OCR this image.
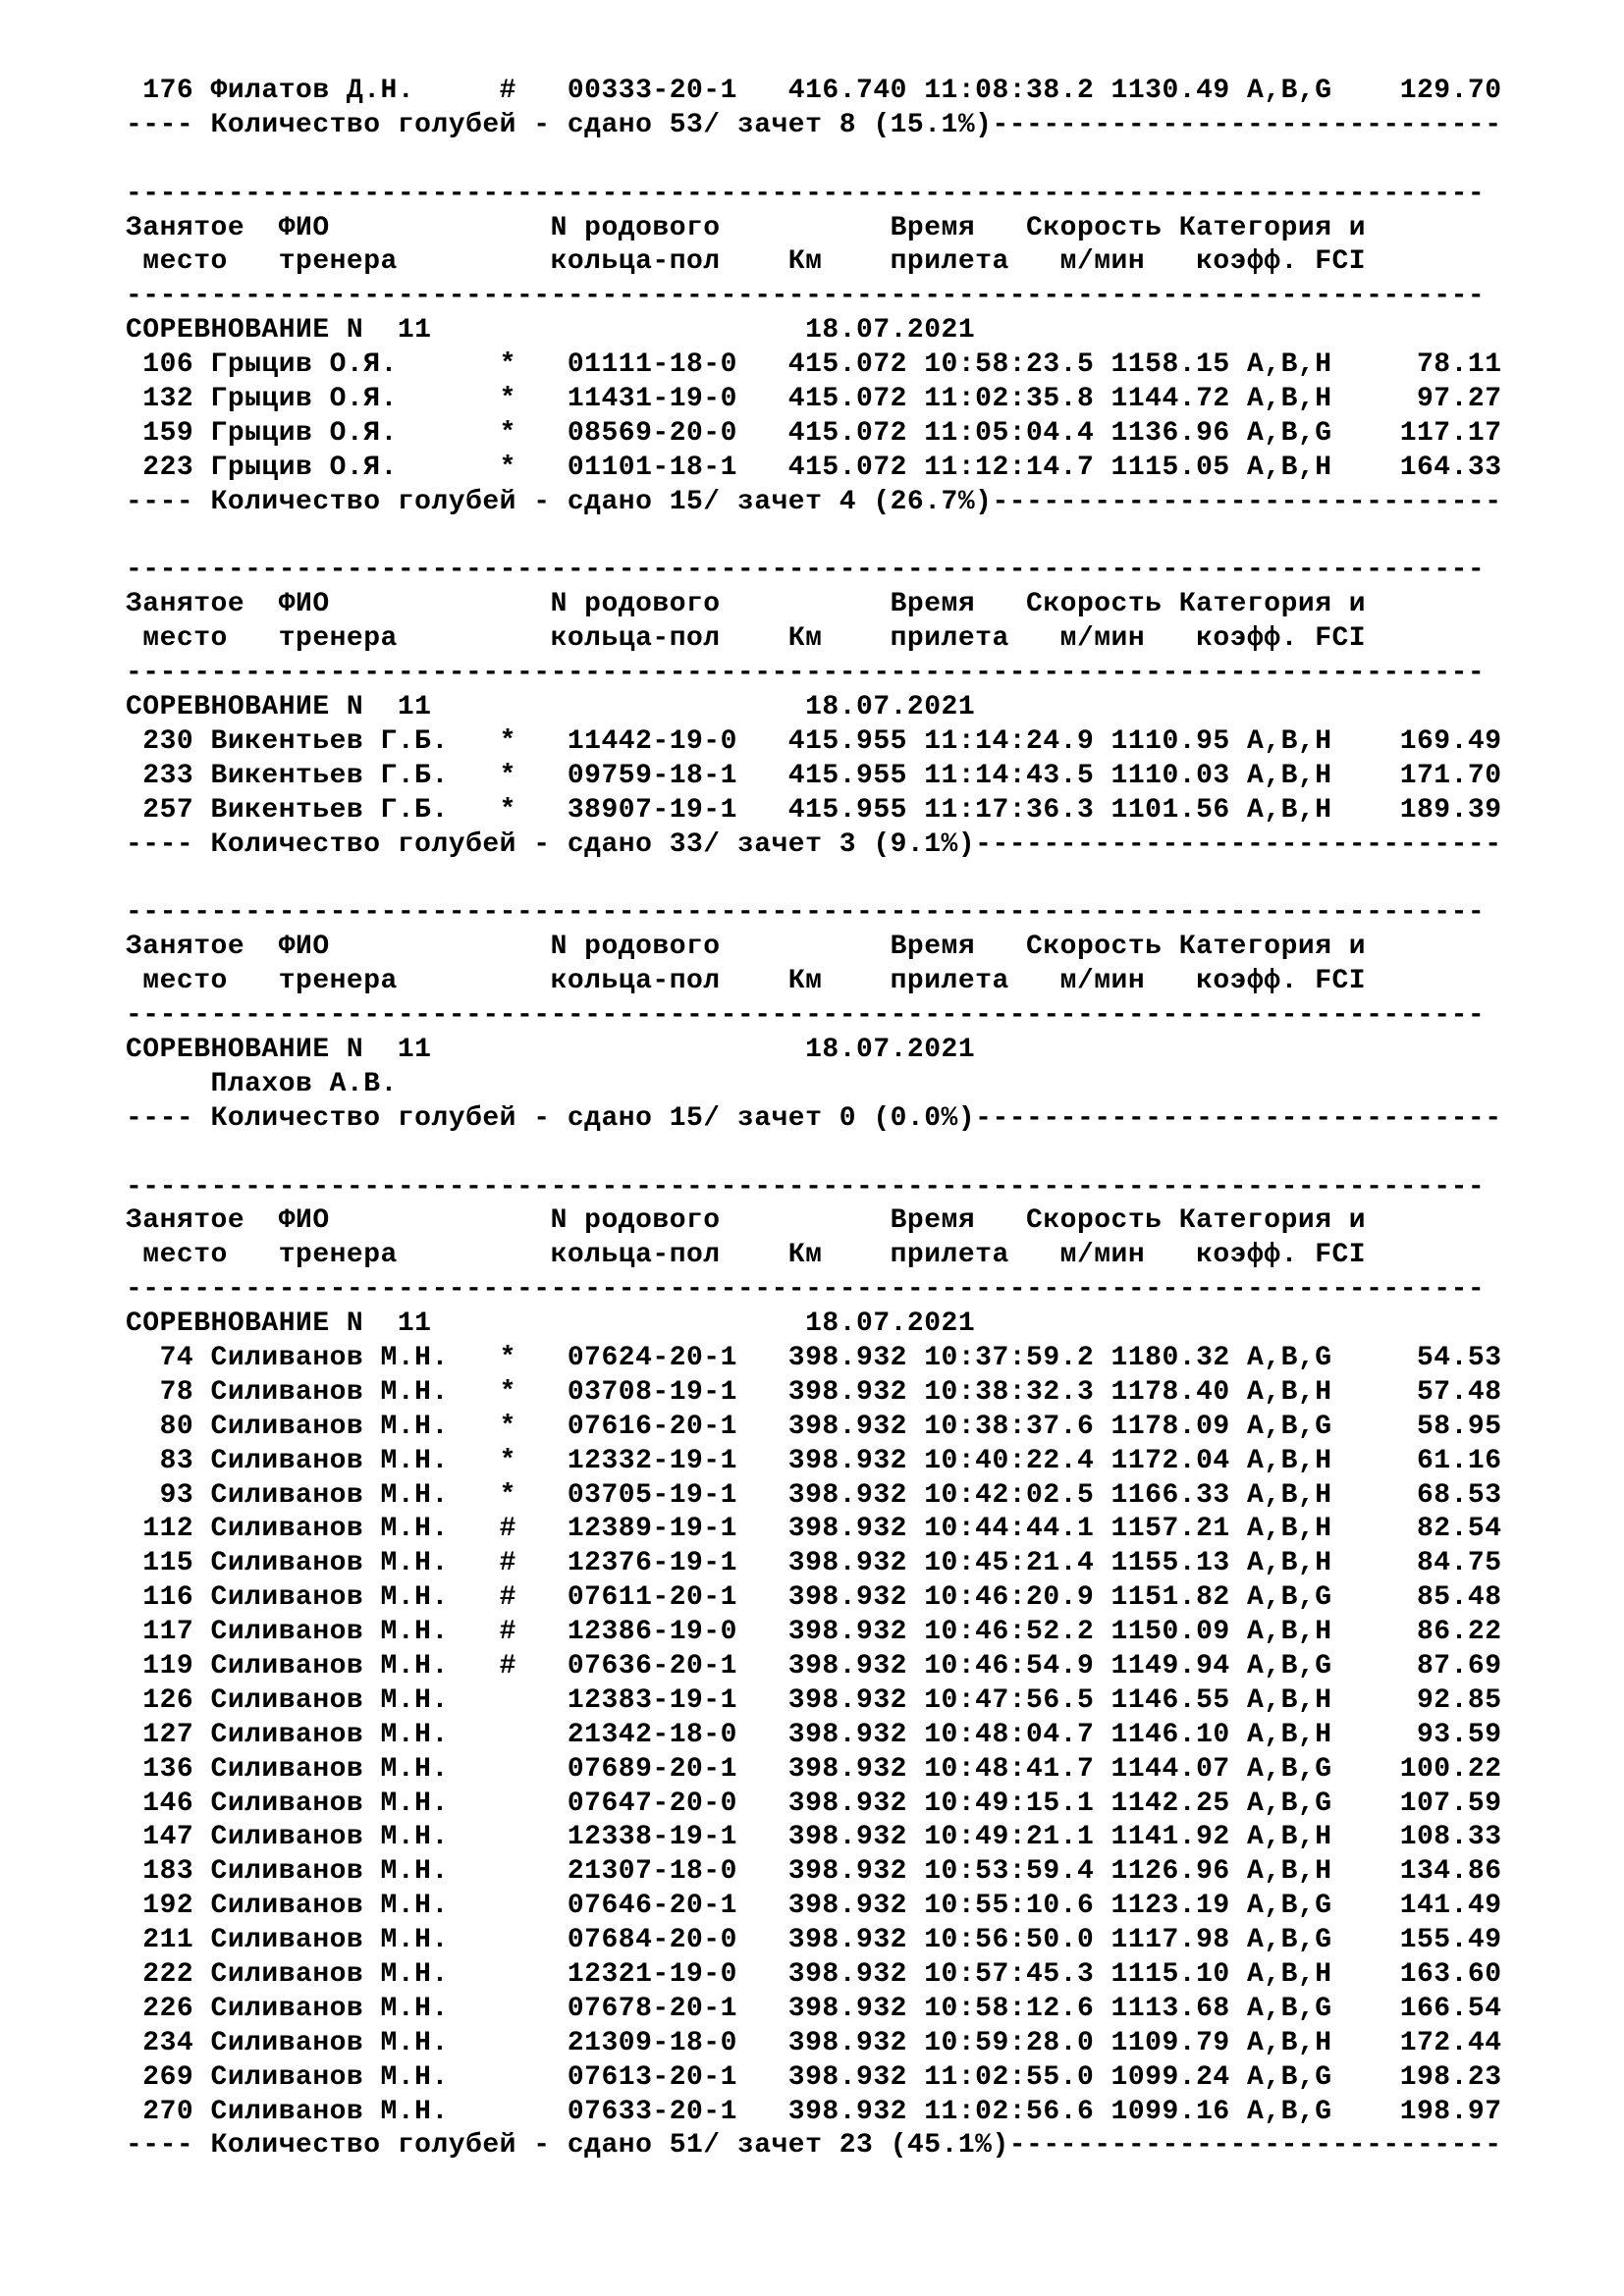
176 Филатов Д.Н.     #   00333-20-1   416.740 11:08:38.2 1130.49 A,B,G    129.70
---- Количество голубей - сдано 53/ зачет 8 (15.1%)------------------------------
--------------------------------------------------------------------------------
Занятое  ФИО             N родового          Время   Скорость Категория и
место   тренера         кольца-пол    Км    прилета   м/мин   коэфф. FCI
--------------------------------------------------------------------------------
СОРЕВНОВАНИЕ N  11                      18.07.2021
106 Грыцив О.Я.      *   01111-18-0   415.072 10:58:23.5 1158.15 A,B,H     78.11
132 Грыцив О.Я.      *   11431-19-0   415.072 11:02:35.8 1144.72 A,B,H     97.27
159 Грыцив О.Я.      *   08569-20-0   415.072 11:05:04.4 1136.96 A,B,G    117.17
223 Грыцив О.Я.      *   01101-18-1   415.072 11:12:14.7 1115.05 A,B,H    164.33
---- Количество голубей - сдано 15/ зачет 4 (26.7%)------------------------------
--------------------------------------------------------------------------------
Занятое  ФИО             N родового          Время   Скорость Категория и
место   тренера         кольца-пол    Км    прилета   м/мин   коэфф. FCI
--------------------------------------------------------------------------------
СОРЕВНОВАНИЕ N  11                      18.07.2021
230 Викентьев Г.Б.   *   11442-19-0   415.955 11:14:24.9 1110.95 A,B,H    169.49
233 Викентьев Г.Б.   *   09759-18-1   415.955 11:14:43.5 1110.03 A,B,H    171.70
257 Викентьев Г.Б.   *   38907-19-1   415.955 11:17:36.3 1101.56 A,B,H    189.39
---- Количество голубей - сдано 33/ зачет 3 (9.1%)-------------------------------
--------------------------------------------------------------------------------
Занятое  ФИО             N родового          Время   Скорость Категория и
место   тренера         кольца-пол    Км    прилета   м/мин   коэфф. FCI
--------------------------------------------------------------------------------
СОРЕВНОВАНИЕ N  11                      18.07.2021
Плахов А.В.
---- Количество голубей - сдано 15/ зачет 0 (0.0%)-------------------------------
--------------------------------------------------------------------------------
Занятое  ФИО             N родового          Время   Скорость Категория и
место   тренера         кольца-пол    Км    прилета   м/мин   коэфф. FCI
--------------------------------------------------------------------------------
СОРЕВНОВАНИЕ N  11                      18.07.2021
74 Силиванов М.Н.   *   07624-20-1   398.932 10:37:59.2 1180.32 A,B,G     54.53
78 Силиванов М.Н.   *   03708-19-1   398.932 10:38:32.3 1178.40 A,B,H     57.48
80 Силиванов М.Н.   *   07616-20-1   398.932 10:38:37.6 1178.09 A,B,G     58.95
83 Силиванов М.Н.   *   12332-19-1   398.932 10:40:22.4 1172.04 A,B,H     61.16
93 Силиванов М.Н.   *   03705-19-1   398.932 10:42:02.5 1166.33 A,B,H     68.53
112 Силиванов М.Н.   #   12389-19-1   398.932 10:44:44.1 1157.21 A,B,H     82.54
115 Силиванов М.Н.   #   12376-19-1   398.932 10:45:21.4 1155.13 A,B,H     84.75
116 Силиванов М.Н.   #   07611-20-1   398.932 10:46:20.9 1151.82 A,B,G     85.48
117 Силиванов М.Н.   #   12386-19-0   398.932 10:46:52.2 1150.09 A,B,H     86.22
119 Силиванов М.Н.   #   07636-20-1   398.932 10:46:54.9 1149.94 A,B,G     87.69
126 Силиванов М.Н.       12383-19-1   398.932 10:47:56.5 1146.55 A,B,H     92.85
127 Силиванов М.Н.       21342-18-0   398.932 10:48:04.7 1146.10 A,B,H     93.59
136 Силиванов М.Н.       07689-20-1   398.932 10:48:41.7 1144.07 A,B,G    100.22
146 Силиванов М.Н.       07647-20-0   398.932 10:49:15.1 1142.25 A,B,G    107.59
147 Силиванов М.Н.       12338-19-1   398.932 10:49:21.1 1141.92 A,B,H    108.33
183 Силиванов М.Н.       21307-18-0   398.932 10:53:59.4 1126.96 A,B,H    134.86
192 Силиванов М.Н.       07646-20-1   398.932 10:55:10.6 1123.19 A,B,G    141.49
211 Силиванов М.Н.       07684-20-0   398.932 10:56:50.0 1117.98 A,B,G    155.49
222 Силиванов М.Н.       12321-19-0   398.932 10:57:45.3 1115.10 A,B,H    163.60
226 Силиванов М.Н.       07678-20-1   398.932 10:58:12.6 1113.68 A,B,G    166.54
234 Силиванов М.Н.       21309-18-0   398.932 10:59:28.0 1109.79 A,B,H    172.44
269 Силиванов М.Н.       07613-20-1   398.932 11:02:55.0 1099.24 A,B,G    198.23
270 Силиванов М.Н.       07633-20-1   398.932 11:02:56.6 1099.16 A,B,G    198.97
---- Количество голубей - сдано 51/ зачет 23 (45.1%)-----------------------------
